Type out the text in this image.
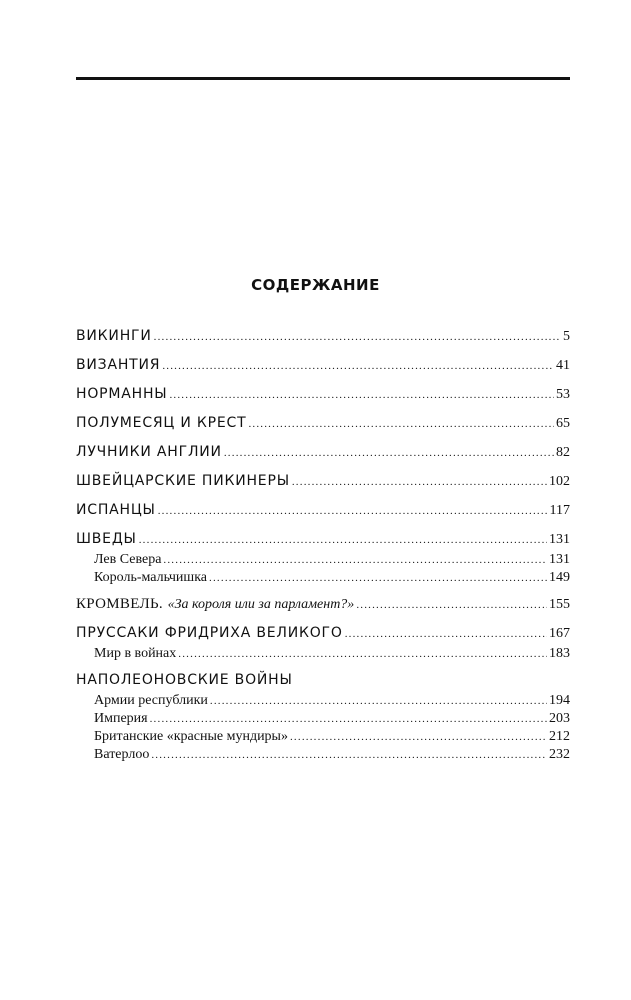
СОДЕРЖАНИЕ
ВИКИНГИ .....	5
ВИЗАНТИЯ .....	41
НОРМАННЫ .....	53
ПОЛУМЕСЯЦ И КРЕСТ .....	65
ЛУЧНИКИ АНГЛИИ .....	82
ШВЕЙЦАРСКИЕ ПИКИНЕРЫ .....	102
ИСПАНЦЫ .....	117
ШВЕДЫ .....	131
Лев Севера .....	131
Король-мальчишка .....	149
КРОМВЕЛЬ. «За короля или за парламент?» .....	155
ПРУССАКИ ФРИДРИХА ВЕЛИКОГО .....	167
Мир в войнах .....	183
НАПОЛЕОНОВСКИЕ ВОЙНЫ
Армии республики .....	194
Империя .....	203
Британские «красные мундиры» .....	212
Ватерлоо .....	232
